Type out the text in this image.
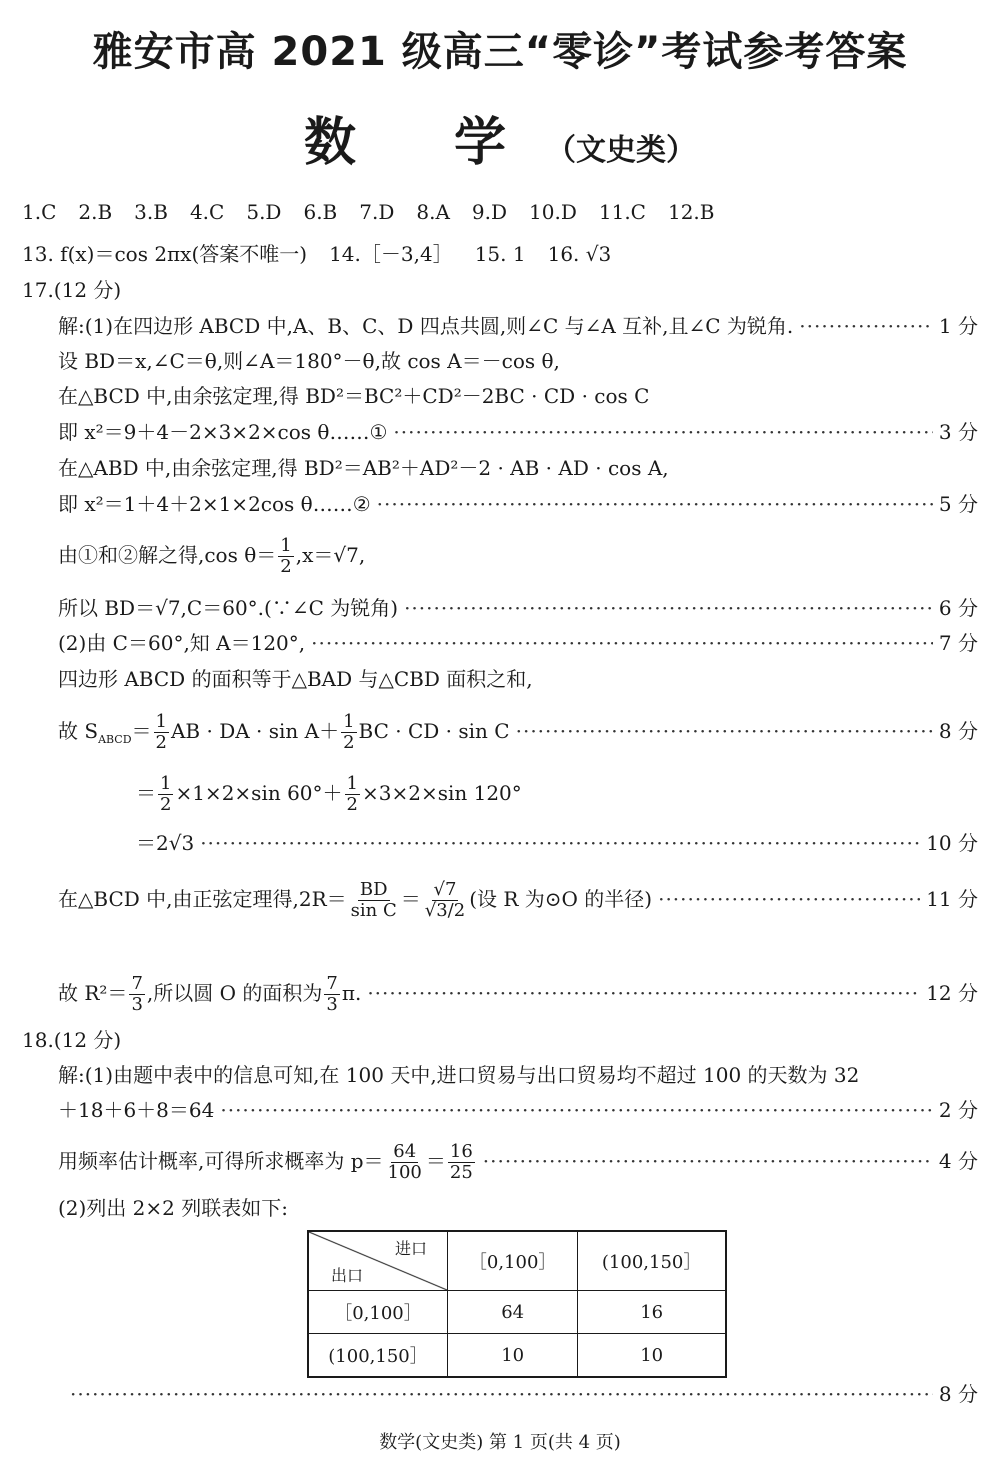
雅安市高 2021 级高三“零诊”考试参考答案
数 学（文史类）
1.C 2.B 3.B 4.C 5.D 6.B 7.D 8.A 9.D 10.D 11.C 12.B
13. f(x)＝cos 2πx(答案不唯一) 14.［－3,4］ 15. 1 16. √3
17.(12 分)
解:(1)在四边形 ABCD 中,A、B、C、D 四点共圆,则∠C 与∠A 互补,且∠C 为锐角. ·····	1 分
设 BD＝x,∠C＝θ,则∠A＝180°－θ,故 cos A＝－cos θ,
在△BCD 中,由余弦定理,得 BD²＝BC²＋CD²－2BC · CD · cos C
即 x²＝9＋4－2×3×2×cos θ……① ·····	3 分
在△ABD 中,由余弦定理,得 BD²＝AB²＋AD²－2 · AB · AD · cos A,
即 x²＝1＋4＋2×1×2cos θ……② ·····	5 分
由①和②解之得,cos $\theta= \frac{1}{2} ,x=√7$,
所以 BD＝√7,C＝60°.(∵∠C 为锐角) ·····	6 分
(2)由 C＝60°,知 A＝120°, ·····	7 分
四边形 ABCD 的面积等于△BAD 与△CBD 面积之和,
故 $S_{ABCD}= \frac{1}{2}$ AB · DA · $\sin A+ \frac{1}{2}$ BC · CD · sin C ·····	8 分
＝ $\frac{1}{2} \times 1\times 2\times\sin$ $60^\circ+ \frac{1}{2} \times 3\times 2\times\sin$ 120°
＝2√3 ·····	10 分
在△BCD 中,由正弦定理得$,2R= \frac{BD}{\text{sin C}} = \frac{√7}{√3/2}$ (设 R 为⊙O 的半径) ·····	11 分
故 $R^2= \frac{7}{3}$ ,所以圆 O 的面积为 $\frac{7}{3} \pi$. ·····	12 分
18.(12 分)
解:(1)由题中表中的信息可知,在 100 天中,进口贸易与出口贸易均不超过 100 的天数为 32
＋18＋6＋8＝64 ·····	2 分
用频率估计概率,可得所求概率为 $p= \frac{64}{100} = \frac{16}{25}$ ·····	4 分
(2)列出 2×2 列联表如下:
进口
出口	［0,100］	(100,150］
［0,100］	64	16
(100,150］	10	10
·····
8 分
数学(文史类) 第 1 页(共 4 页)
